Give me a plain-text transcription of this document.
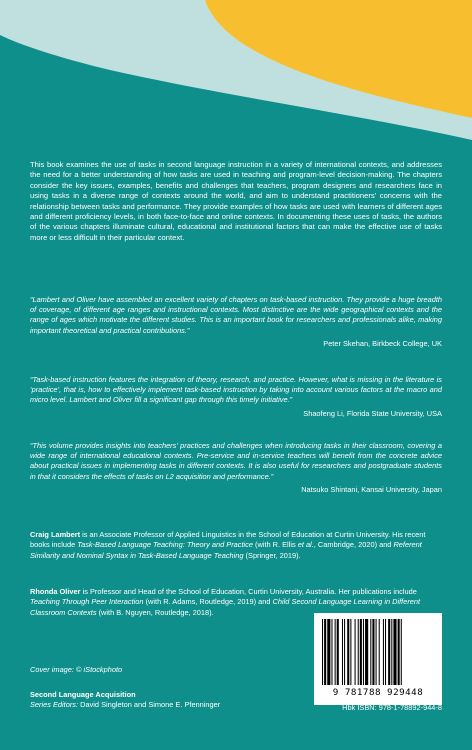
This book examines the use of tasks in second language instruction in a variety of international contexts, and addresses the need for a better understanding of how tasks are used in teaching and program-level decision-making. The chapters consider the key issues, examples, benefits and challenges that teachers, program designers and researchers face in using tasks in a diverse range of contexts around the world, and aim to understand practitioners' concerns with the relationship between tasks and performance. They provide examples of how tasks are used with learners of different ages and different proficiency levels, in both face-to-face and online contexts. In documenting these uses of tasks, the authors of the various chapters illuminate cultural, educational and institutional factors that can make the effective use of tasks more or less difficult in their particular context.

“Lambert and Oliver have assembled an excellent variety of chapters on task-based instruction. They provide a huge breadth of coverage, of different age ranges and instructional contexts. Most distinctive are the wide geographical contexts and the range of ages which motivate the different studies. This is an important book for researchers and professionals alike, making important theoretical and practical contributions.”

Peter Skehan, Birkbeck College, UK

“Task-based instruction features the integration of theory, research, and practice. However, what is missing in the literature is ‘practice’, that is, how to effectively implement task-based instruction by taking into account various factors at the macro and micro level. Lambert and Oliver fill a significant gap through this timely initiative.”

Shaofeng Li, Florida State University, USA

“This volume provides insights into teachers’ practices and challenges when introducing tasks in their classroom, covering a wide range of international educational contexts. Pre-service and in-service teachers will benefit from the concrete advice about practical issues in implementing tasks in different contexts. It is also useful for researchers and postgraduate students in that it considers the effects of tasks on L2 acquisition and performance.”

Natsuko Shintani, Kansai University, Japan

Craig Lambert is an Associate Professor of Applied Linguistics in the School of Education at Curtin University. His recent books include Task-Based Language Teaching: Theory and Practice (with R. Ellis et al., Cambridge, 2020) and Referent Similarity and Nominal Syntax in Task-Based Language Teaching (Springer, 2019).

Rhonda Oliver is Professor and Head of the School of Education, Curtin University, Australia. Her publications include Teaching Through Peer Interaction (with R. Adams, Routledge, 2019) and Child Second Language Learning in Different Classroom Contexts (with B. Nguyen, Routledge, 2018).

Cover image: © iStockphoto
Second Language Acquisition
Series Editors: David Singleton and Simone E. Pfenninger
9 781788 929448
Hbk ISBN: 978-1-78892-944-8
